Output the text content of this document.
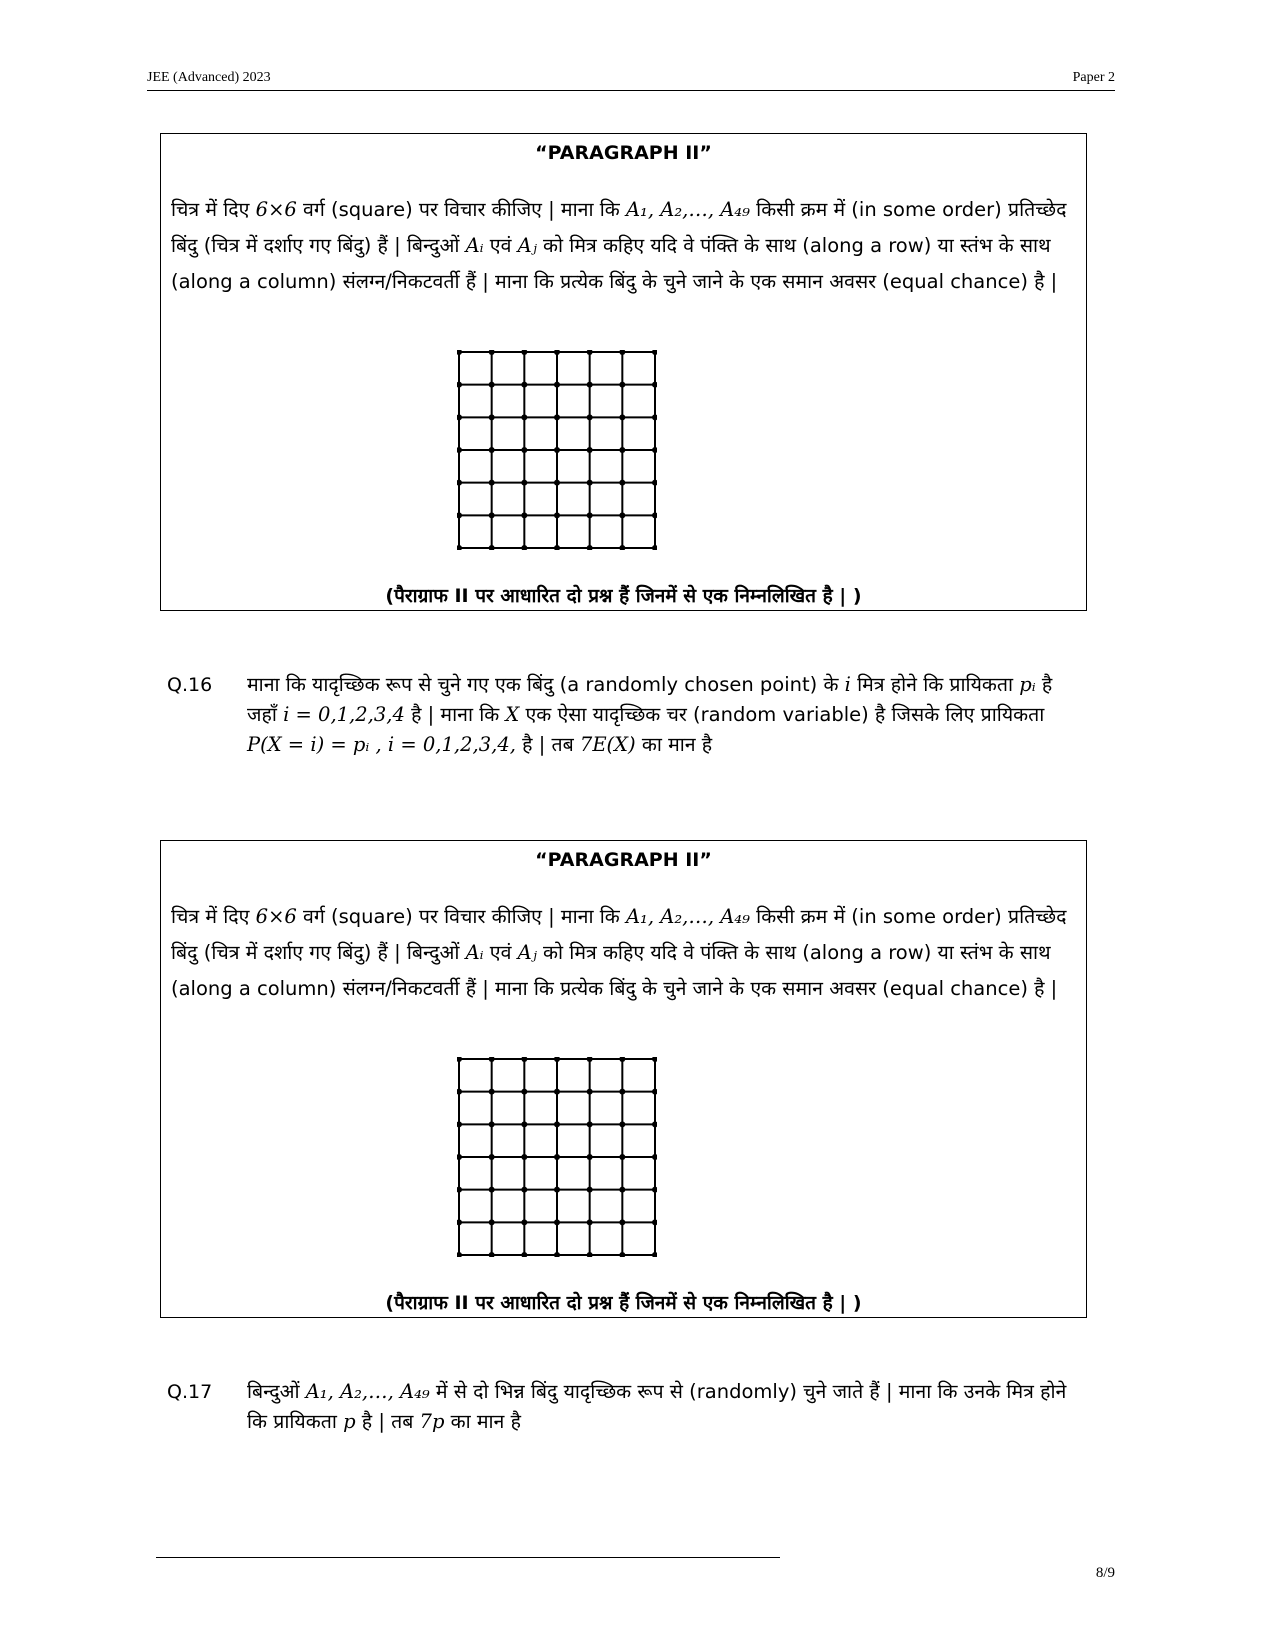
JEE (Advanced) 2023	Paper 2
“PARAGRAPH II”
चित्र में दिए 6×6 वर्ग (square) पर विचार कीजिए | माना कि A₁, A₂,…, A₄₉ किसी क्रम में (in some order) प्रतिच्छेद बिंदु (चित्र में दर्शाए गए बिंदु) हैं | बिन्दुओं Aᵢ एवं Aⱼ को मित्र कहिए यदि वे पंक्ति के साथ (along a row) या स्तंभ के साथ (along a column) संलग्न/निकटवर्ती हैं | माना कि प्रत्येक बिंदु के चुने जाने के एक समान अवसर (equal chance) है |
(पैराग्राफ II पर आधारित दो प्रश्न हैं जिनमें से एक निम्नलिखित है | )
Q.16 माना कि यादृच्छिक रूप से चुने गए एक बिंदु (a randomly chosen point) के i मित्र होने कि प्रायिकता pᵢ है जहाँ i = 0,1,2,3,4 है | माना कि X एक ऐसा यादृच्छिक चर (random variable) है जिसके लिए प्रायिकता P(X = i) = pᵢ , i = 0,1,2,3,4, है | तब 7E(X) का मान है
“PARAGRAPH II”
चित्र में दिए 6×6 वर्ग (square) पर विचार कीजिए | माना कि A₁, A₂,…, A₄₉ किसी क्रम में (in some order) प्रतिच्छेद बिंदु (चित्र में दर्शाए गए बिंदु) हैं | बिन्दुओं Aᵢ एवं Aⱼ को मित्र कहिए यदि वे पंक्ति के साथ (along a row) या स्तंभ के साथ (along a column) संलग्न/निकटवर्ती हैं | माना कि प्रत्येक बिंदु के चुने जाने के एक समान अवसर (equal chance) है |
(पैराग्राफ II पर आधारित दो प्रश्न हैं जिनमें से एक निम्नलिखित है | )
Q.17 बिन्दुओं A₁, A₂,…, A₄₉ में से दो भिन्न बिंदु यादृच्छिक रूप से (randomly) चुने जाते हैं | माना कि उनके मित्र होने कि प्रायिकता p है | तब 7p का मान है
8/9
